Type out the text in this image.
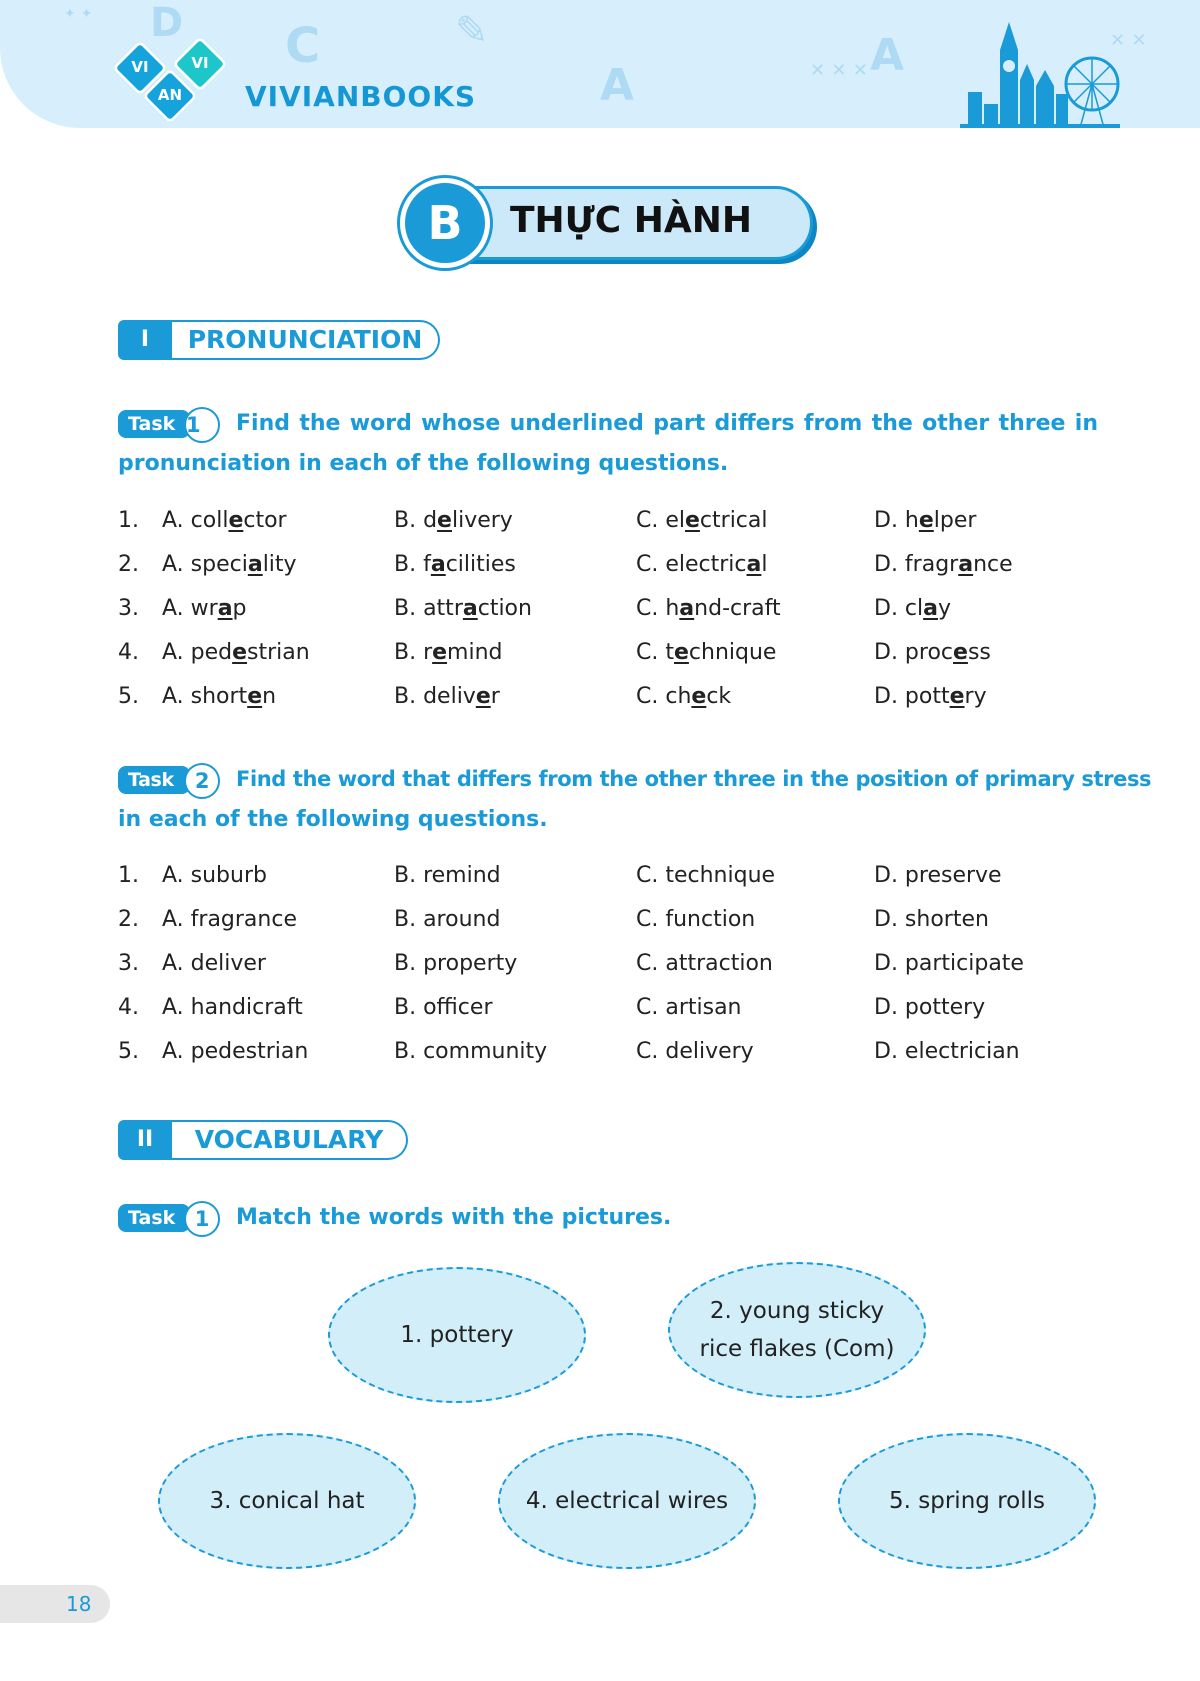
✦ ✦ D C
A
✎
✕ ✕ ✕ A	✕ ✕
VI	VI
AN	VIVIANBOOKS
B	THỰC HÀNH
I	PRONUNCIATION
Task 1	Find the word whose underlined part differs from the other three in
pronunciation in each of the following questions.
1. A. collector	B. delivery	C. electrical	D. helper
2. A. speciality	B. facilities	C. electrical	D. fragrance
3. A. wrap	B. attraction	C. hand-craft	D. clay
4. A. pedestrian	B. remind	C. technique	D. process
5. A. shorten	B. deliver	C. check	D. pottery
Task	2	Find the word that differs from the other three in the position of primary stress
in each of the following questions.
1. A. suburb	B. remind	C. technique	D. preserve
2. A. fragrance	B. around	C. function	D. shorten
3. A. deliver	B. property	C. attraction	D. participate
4. A. handicraft	B. officer	C. artisan	D. pottery
5. A. pedestrian	B. community	C. delivery	D. electrician
II	VOCABULARY
Task 1	Match the words with the pictures.
1. pottery
2. young sticky rice flakes (Com)
3. conical hat	4. electrical wires	5. spring rolls
18
